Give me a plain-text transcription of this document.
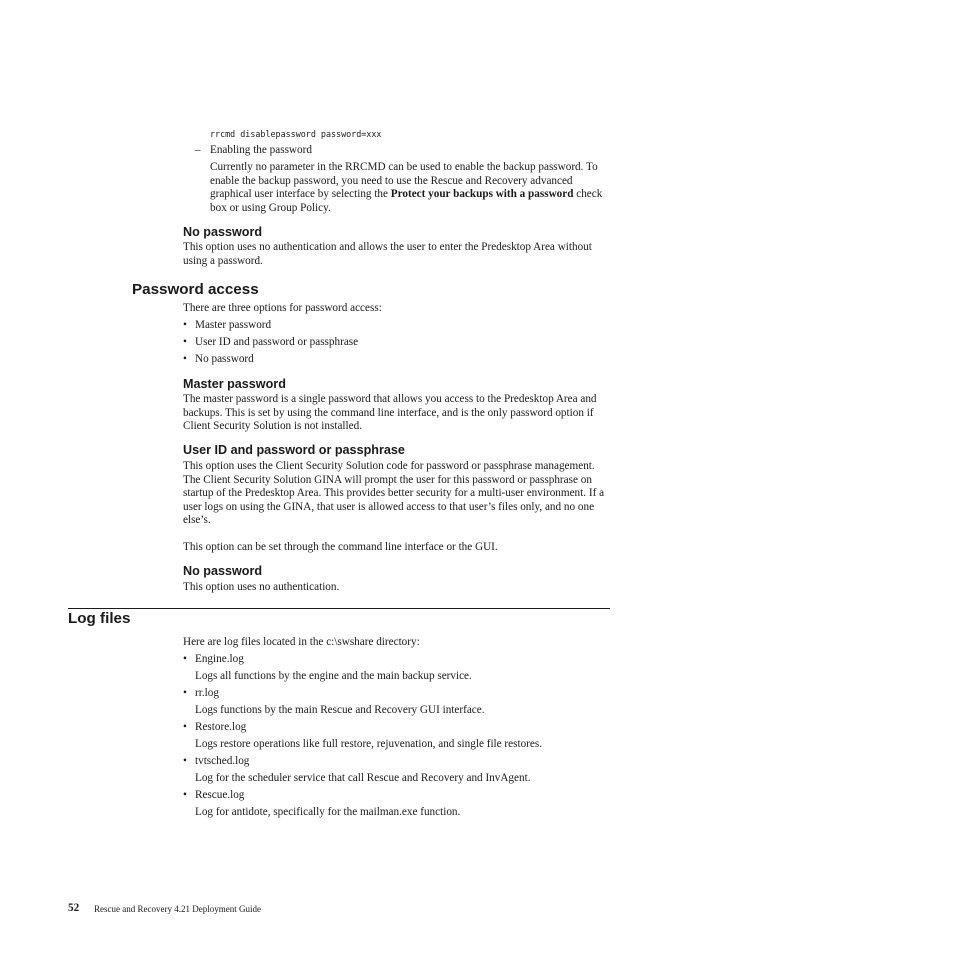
rrcmd disablepassword password=xxx
– Enabling the password
Currently no parameter in the RRCMD can be used to enable the backup password. To enable the backup password, you need to use the Rescue and Recovery advanced graphical user interface by selecting the Protect your backups with a password check box or using Group Policy.
No password
This option uses no authentication and allows the user to enter the Predesktop Area without using a password.
Password access
There are three options for password access:
• Master password
• User ID and password or passphrase
• No password
Master password
The master password is a single password that allows you access to the Predesktop Area and backups. This is set by using the command line interface, and is the only password option if Client Security Solution is not installed.
User ID and password or passphrase
This option uses the Client Security Solution code for password or passphrase management. The Client Security Solution GINA will prompt the user for this password or passphrase on startup of the Predesktop Area. This provides better security for a multi-user environment. If a user logs on using the GINA, that user is allowed access to that user’s files only, and no one else’s.
This option can be set through the command line interface or the GUI.
No password
This option uses no authentication.
Log files
Here are log files located in the c:\swshare directory:
• Engine.log
Logs all functions by the engine and the main backup service.
• rr.log
Logs functions by the main Rescue and Recovery GUI interface.
• Restore.log
Logs restore operations like full restore, rejuvenation, and single file restores.
• tvtsched.log
Log for the scheduler service that call Rescue and Recovery and InvAgent.
• Rescue.log
Log for antidote, specifically for the mailman.exe function.
52 Rescue and Recovery 4.21 Deployment Guide
